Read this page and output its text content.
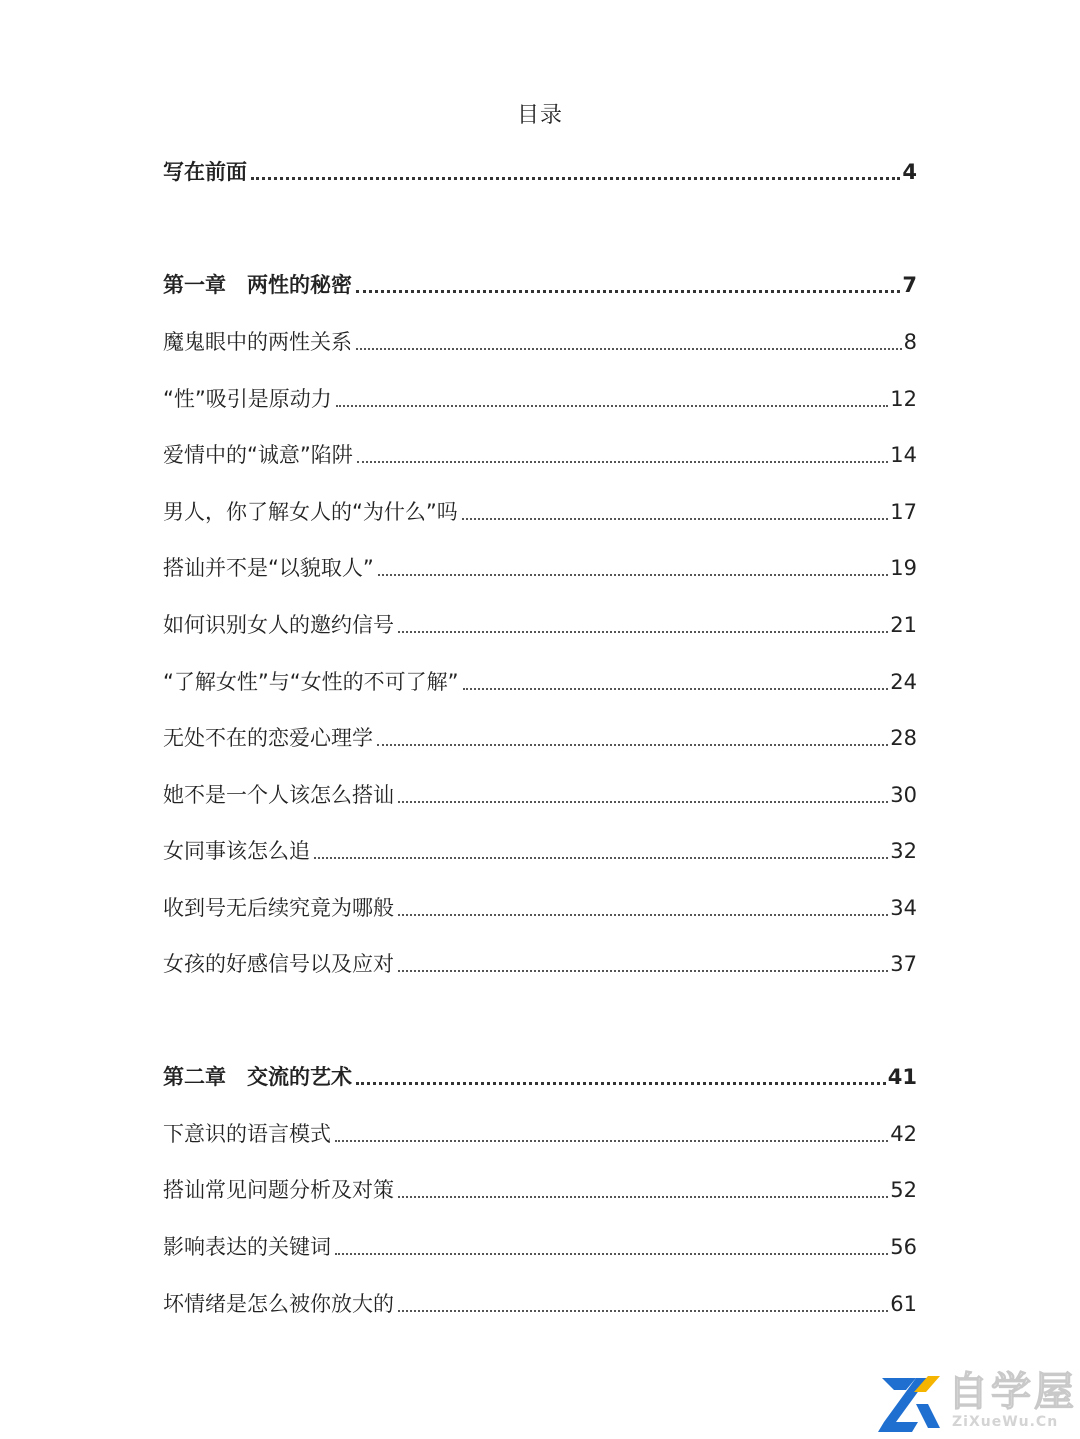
目录
写在前面	4
第一章　两性的秘密	7
魔鬼眼中的两性关系	8
“性”吸引是原动力	12
爱情中的“诚意”陷阱	14
男人，你了解女人的“为什么”吗	17
搭讪并不是“以貌取人”	19
如何识别女人的邀约信号	21
“了解女性”与“女性的不可了解”	24
无处不在的恋爱心理学	28
她不是一个人该怎么搭讪	30
女同事该怎么追	32
收到号无后续究竟为哪般	34
女孩的好感信号以及应对	37
第二章　交流的艺术	41
下意识的语言模式	42
搭讪常见问题分析及对策	52
影响表达的关键词	56
坏情绪是怎么被你放大的	61
自学屋
ZiXueWu.Cn
